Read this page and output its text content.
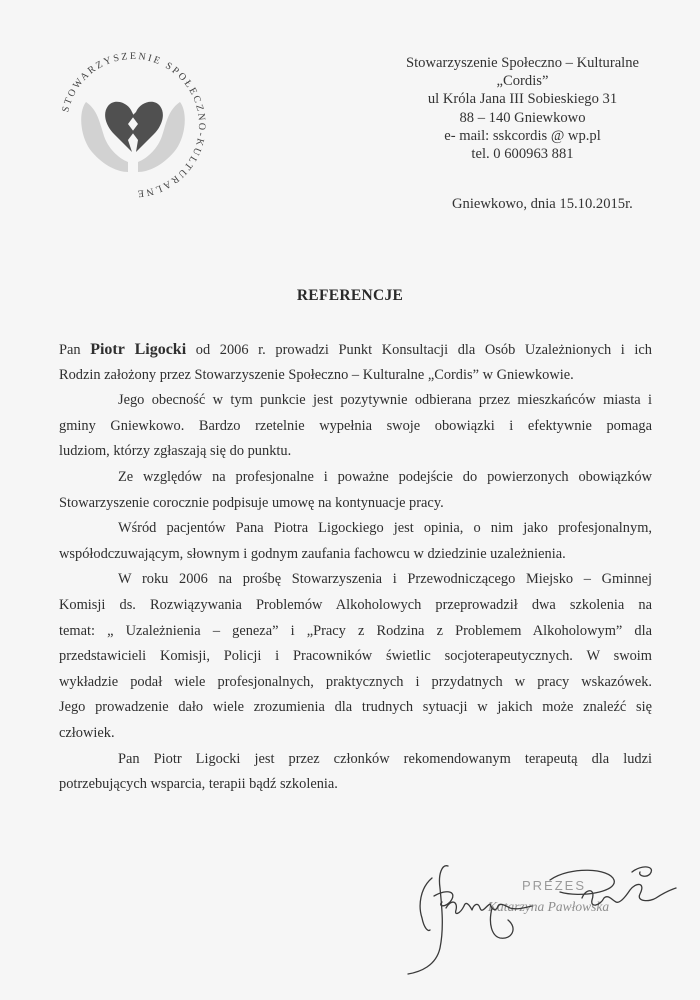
STOWARZYSZENIE SPOŁECZNO-KULTURALNE
Stowarzyszenie Społeczno – Kulturalne
„Cordis”
ul Króla Jana III Sobieskiego 31
88 – 140 Gniewkowo
e- mail: sskcordis @ wp.pl
tel. 0 600963 881
Gniewkowo, dnia 15.10.2015r.
REFERENCJE
Pan Piotr Ligocki od 2006 r. prowadzi Punkt Konsultacji dla Osób Uzależnionych i ich
Rodzin założony przez Stowarzyszenie Społeczno – Kulturalne „Cordis” w Gniewkowie.
Jego obecność w tym punkcie jest pozytywnie odbierana przez mieszkańców miasta i
gminy Gniewkowo. Bardzo rzetelnie wypełnia swoje obowiązki i efektywnie pomaga
ludziom, którzy zgłaszają się do punktu.
Ze względów na profesjonalne i poważne podejście do powierzonych obowiązków
Stowarzyszenie corocznie podpisuje umowę na kontynuacje pracy.
Wśród pacjentów Pana Piotra Ligockiego jest opinia, o nim jako profesjonalnym,
współodczuwającym, słownym i godnym zaufania fachowcu w dziedzinie uzależnienia.
W roku 2006 na prośbę Stowarzyszenia i Przewodniczącego Miejsko – Gminnej
Komisji ds. Rozwiązywania Problemów Alkoholowych przeprowadził dwa szkolenia na
temat: „ Uzależnienia – geneza” i „Pracy z Rodzina z Problemem Alkoholowym” dla
przedstawicieli Komisji, Policji i Pracowników świetlic socjoterapeutycznych. W swoim
wykładzie podał wiele profesjonalnych, praktycznych i przydatnych w pracy wskazówek.
Jego prowadzenie dało wiele zrozumienia dla trudnych sytuacji w jakich może znaleźć się
człowiek.
Pan Piotr Ligocki jest przez członków rekomendowanym terapeutą dla ludzi
potrzebujących wsparcia, terapii bądź szkolenia.
PREZES
Katarzyna Pawłowska
